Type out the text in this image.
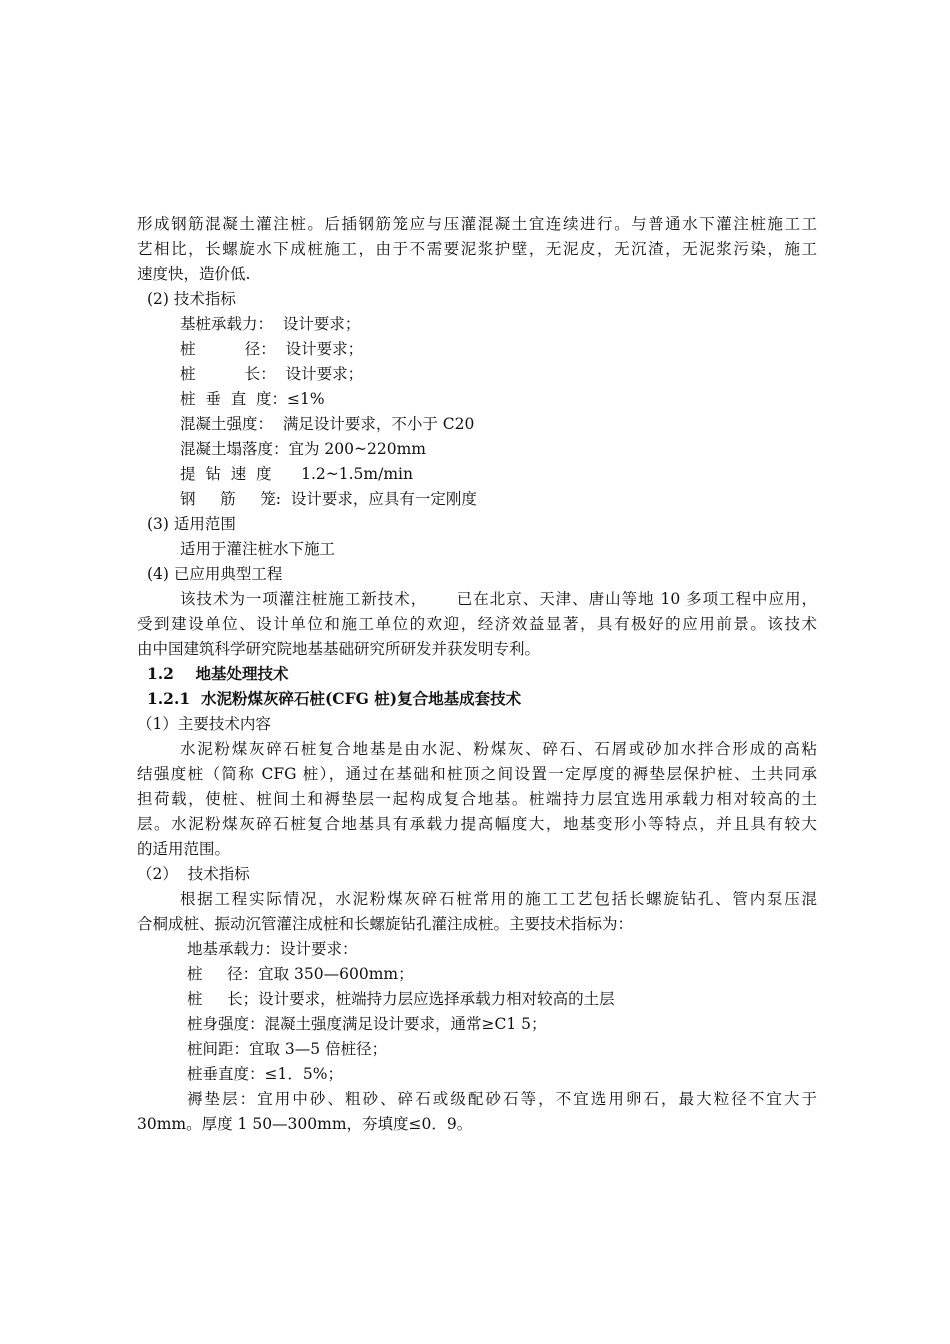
形成钢筋混凝土灌注桩。后插钢筋笼应与压灌混凝土宜连续进行。与普通水下灌注桩施工工
艺相比，长螺旋水下成桩施工，由于不需要泥浆护壁，无泥皮，无沉渣，无泥浆污染，施工
速度快，造价低.
(2) 技术指标
基桩承载力：  设计要求；
桩          径：  设计要求；
桩          长：  设计要求；
桩  垂  直  度：≤1%
混凝土强度：  满足设计要求，不小于 C20
混凝土塌落度：宜为 200~220mm
提  钻  速  度      1.2~1.5m/min
钢     筋     笼:  设计要求，应具有一定刚度
(3) 适用范围
适用于灌注桩水下施工
(4) 已应用典型工程
该技术为一项灌注桩施工新技术，     已在北京、天津、唐山等地 10 多项工程中应用，
受到建设单位、设计单位和施工单位的欢迎，经济效益显著，具有极好的应用前景。该技术
由中国建筑科学研究院地基基础研究所研发并获发明专利。
1.2    地基处理技术
1.2.1  水泥粉煤灰碎石桩(CFG 桩)复合地基成套技术
（1）主要技术内容
水泥粉煤灰碎石桩复合地基是由水泥、粉煤灰、碎石、石屑或砂加水拌合形成的高粘
结强度桩（简称 CFG 桩），通过在基础和桩顶之间设置一定厚度的褥垫层保护桩、土共同承
担荷载，使桩、桩间土和褥垫层一起构成复合地基。桩端持力层宜选用承载力相对较高的土
层。水泥粉煤灰碎石桩复合地基具有承载力提高幅度大，地基变形小等特点，并且具有较大
的适用范围。
（2）  技术指标
根据工程实际情况，水泥粉煤灰碎石桩常用的施工工艺包括长螺旋钻孔、管内泵压混
合桐成桩、振动沉管灌注成桩和长螺旋钻孔灌注成桩。主要技术指标为：
地基承载力：设计要求：
桩     径：宜取 350—600mm；
桩     长；设计要求，桩端持力层应选择承载力相对较高的土层
桩身强度：混凝土强度满足设计要求，通常≥C1 5；
桩间距：宜取 3—5 倍桩径；
桩垂直度：≤1．5%；
褥垫层：宜用中砂、粗砂、碎石或级配砂石等，不宜选用卵石，最大粒径不宜大于
30mm。厚度 1 50—300mm，夯填度≤0．9。
